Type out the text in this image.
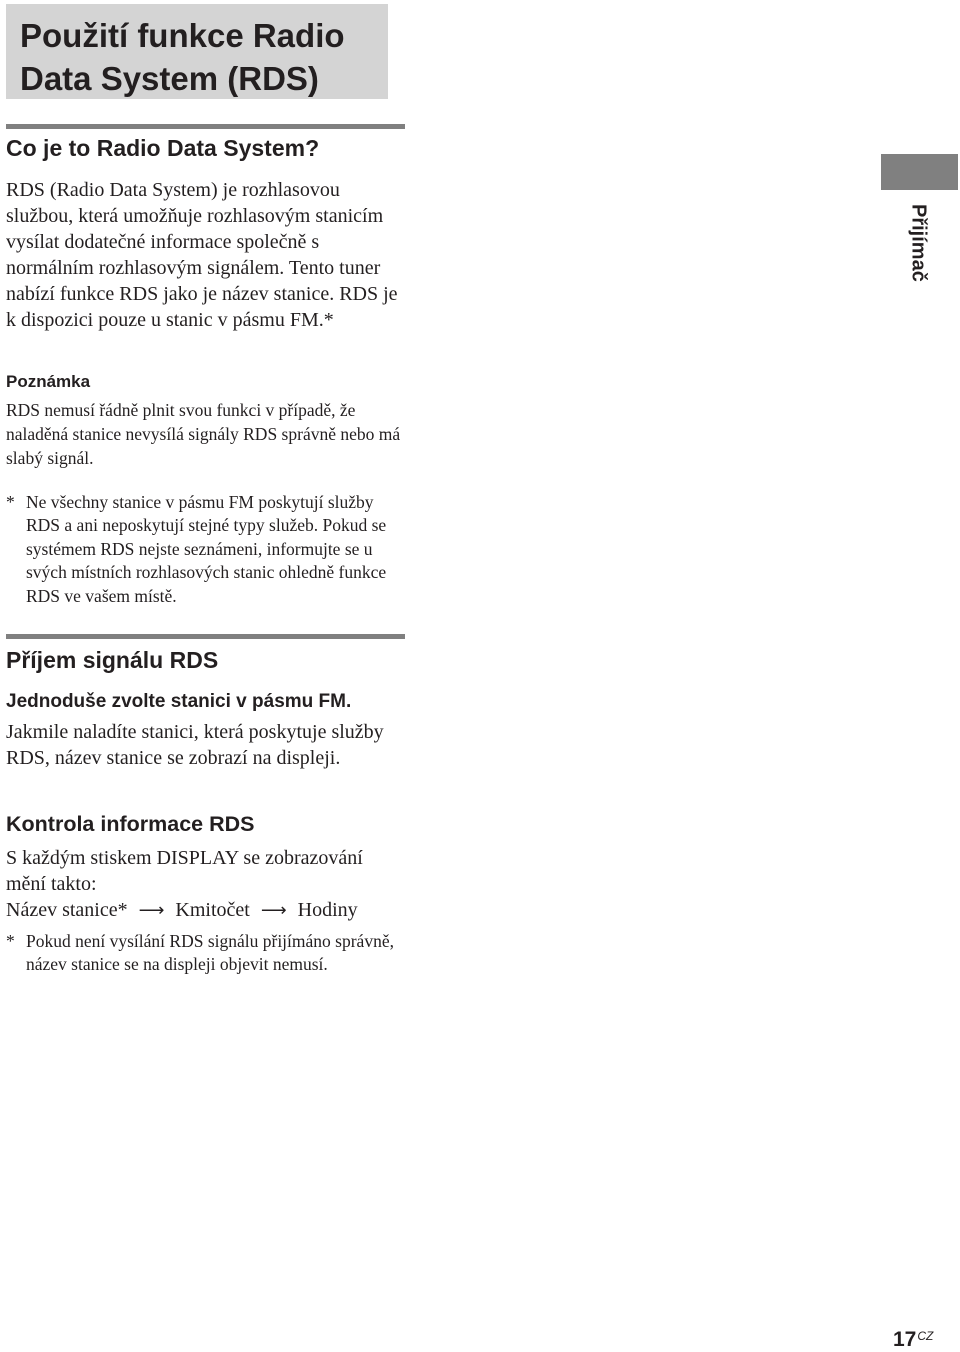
Použití funkce Radio
Data System (RDS)
Co je to Radio Data System?

RDS (Radio Data System) je rozhlasovou službou, která umožňuje rozhlasovým stanicím vysílat dodatečné informace společně s normálním rozhlasovým signálem. Tento tuner nabízí funkce RDS jako je název stanice. RDS je k dispozici pouze u stanic v pásmu FM.*

Poznámka

RDS nemusí řádně plnit svou funkci v případě, že naladěná stanice nevysílá signály RDS správně nebo má slabý signál.

* Ne všechny stanice v pásmu FM poskytují služby RDS a ani neposkytují stejné typy služeb. Pokud se systémem RDS nejste seznámeni, informujte se u svých místních rozhlasových stanic ohledně funkce RDS ve vašem místě.
Příjem signálu RDS
Jednoduše zvolte stanici v pásmu FM.

Jakmile naladíte stanici, která poskytuje služby RDS, název stanice se zobrazí na displeji.

Kontrola informace RDS

S každým stiskem DISPLAY se zobrazování mění takto:

Název stanice* ⟶ Kmitočet ⟶ Hodiny
* Pokud není vysílání RDS signálu přijímáno správně, název stanice se na displeji objevit nemusí.
Přijímač
$17^{CZ}$
